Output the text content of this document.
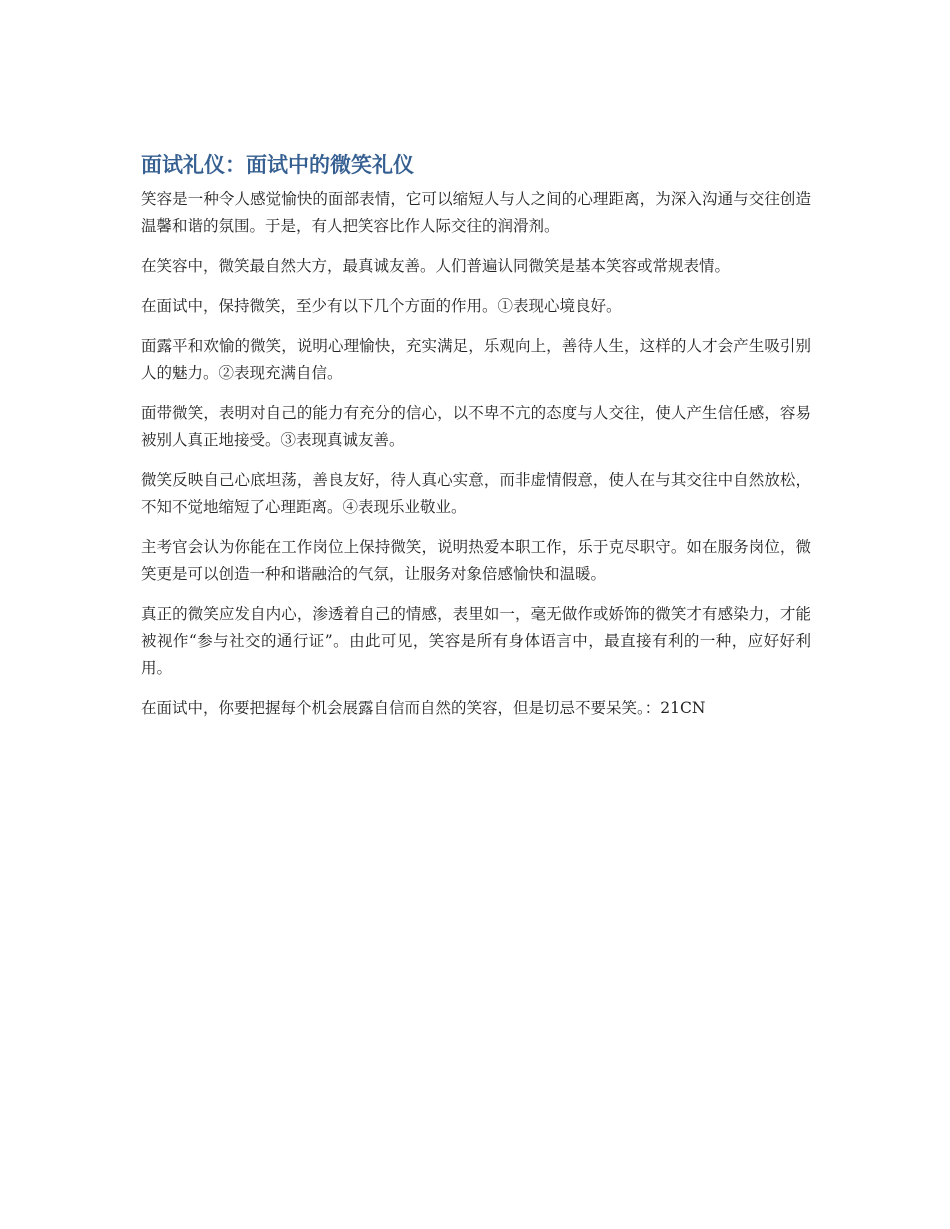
面试礼仪：面试中的微笑礼仪

笑容是一种令人感觉愉快的面部表情，它可以缩短人与人之间的心理距离，为深入沟通与交往创造温馨和谐的氛围。于是，有人把笑容比作人际交往的润滑剂。

在笑容中，微笑最自然大方，最真诚友善。人们普遍认同微笑是基本笑容或常规表情。

在面试中，保持微笑，至少有以下几个方面的作用。①表现心境良好。

面露平和欢愉的微笑，说明心理愉快，充实满足，乐观向上，善待人生，这样的人才会产生吸引别人的魅力。②表现充满自信。

面带微笑，表明对自己的能力有充分的信心，以不卑不亢的态度与人交往，使人产生信任感，容易被别人真正地接受。③表现真诚友善。

微笑反映自己心底坦荡，善良友好，待人真心实意，而非虚情假意，使人在与其交往中自然放松，不知不觉地缩短了心理距离。④表现乐业敬业。

主考官会认为你能在工作岗位上保持微笑，说明热爱本职工作，乐于克尽职守。如在服务岗位，微笑更是可以创造一种和谐融洽的气氛，让服务对象倍感愉快和温暖。

真正的微笑应发自内心，渗透着自己的情感，表里如一，毫无做作或娇饰的微笑才有感染力，才能被视作“参与社交的通行证”。由此可见，笑容是所有身体语言中，最直接有利的一种，应好好利用。

在面试中，你要把握每个机会展露自信而自然的笑容，但是切忌不要呆笑。：21CN
